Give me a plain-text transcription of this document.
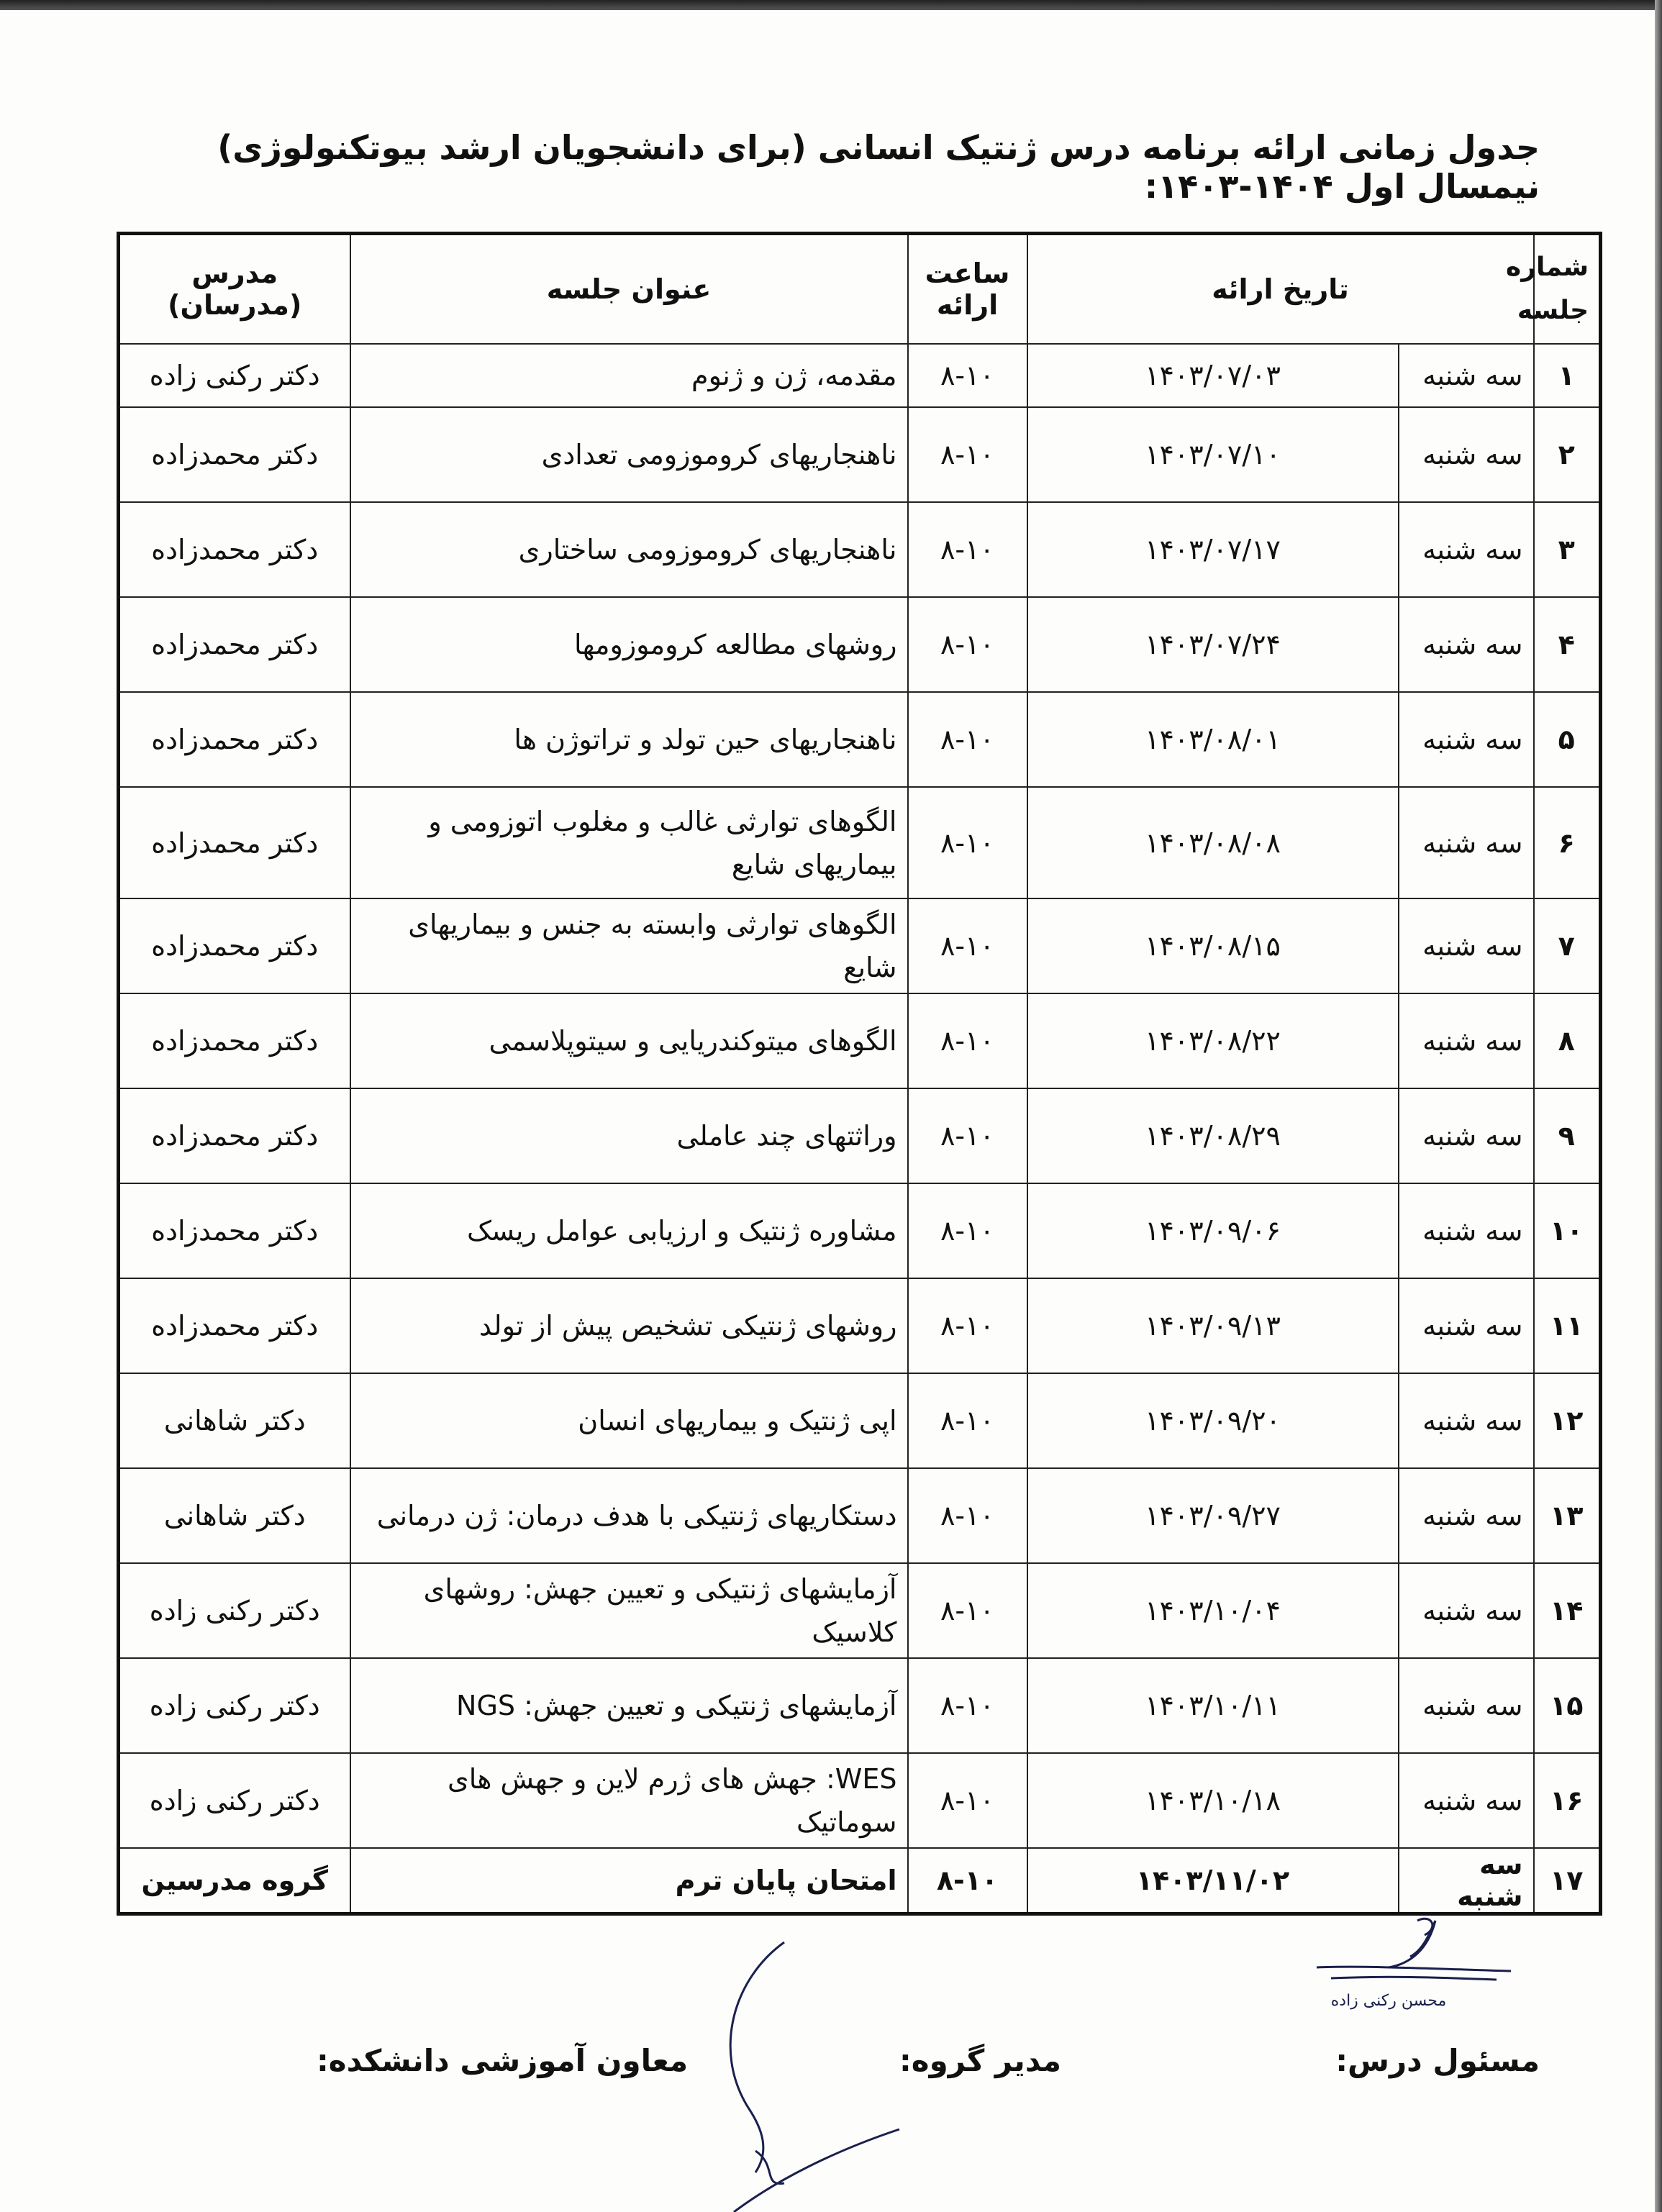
جدول زمانی ارائه برنامه درس ژنتیک انسانی (برای دانشجویان ارشد بیوتکنولوژی) نیمسال اول ۱۴۰۴-۱۴۰۳:
شماره جلسه	تاریخ ارائه		ساعت ارائه	عنوان جلسه	مدرس (مدرسان)
۱	سه شنبه	۱۴۰۳/۰۷/۰۳	۸-۱۰	مقدمه، ژن و ژنوم	دکتر رکنی زاده
۲	سه شنبه	۱۴۰۳/۰۷/۱۰	۸-۱۰	ناهنجاریهای کروموزومی تعدادی	دکتر محمدزاده
۳	سه شنبه	۱۴۰۳/۰۷/۱۷	۸-۱۰	ناهنجاریهای کروموزومی ساختاری	دکتر محمدزاده
۴	سه شنبه	۱۴۰۳/۰۷/۲۴	۸-۱۰	روشهای مطالعه کروموزومها	دکتر محمدزاده
۵	سه شنبه	۱۴۰۳/۰۸/۰۱	۸-۱۰	ناهنجاریهای حین تولد و تراتوژن ها	دکتر محمدزاده
۶	سه شنبه	۱۴۰۳/۰۸/۰۸	۸-۱۰	الگوهای توارثی غالب و مغلوب اتوزومی و بیماریهای شایع	دکتر محمدزاده
۷	سه شنبه	۱۴۰۳/۰۸/۱۵	۸-۱۰	الگوهای توارثی وابسته به جنس و بیماریهای شایع	دکتر محمدزاده
۸	سه شنبه	۱۴۰۳/۰۸/۲۲	۸-۱۰	الگوهای میتوکندریایی و سیتوپلاسمی	دکتر محمدزاده
۹	سه شنبه	۱۴۰۳/۰۸/۲۹	۸-۱۰	وراثتهای چند عاملی	دکتر محمدزاده
۱۰	سه شنبه	۱۴۰۳/۰۹/۰۶	۸-۱۰	مشاوره ژنتیک و ارزیابی عوامل ریسک	دکتر محمدزاده
۱۱	سه شنبه	۱۴۰۳/۰۹/۱۳	۸-۱۰	روشهای ژنتیکی تشخیص پیش از تولد	دکتر محمدزاده
۱۲	سه شنبه	۱۴۰۳/۰۹/۲۰	۸-۱۰	اپی ژنتیک و بیماریهای انسان	دکتر شاهانی
۱۳	سه شنبه	۱۴۰۳/۰۹/۲۷	۸-۱۰	دستکاریهای ژنتیکی با هدف درمان: ژن درمانی	دکتر شاهانی
۱۴	سه شنبه	۱۴۰۳/۱۰/۰۴	۸-۱۰	آزمایشهای ژنتیکی و تعیین جهش: روشهای کلاسیک	دکتر رکنی زاده
۱۵	سه شنبه	۱۴۰۳/۱۰/۱۱	۸-۱۰	آزمایشهای ژنتیکی و تعیین جهش: NGS	دکتر رکنی زاده
۱۶	سه شنبه	۱۴۰۳/۱۰/۱۸	۸-۱۰	WES: جهش های ژرم لاین و جهش های سوماتیک	دکتر رکنی زاده
۱۷	سه شنبه	۱۴۰۳/۱۱/۰۲	۸-۱۰	امتحان پایان ترم	گروه مدرسین
مسئول درس:
مدیر گروه:
معاون آموزشی دانشکده:
محسن رکنی زاده
